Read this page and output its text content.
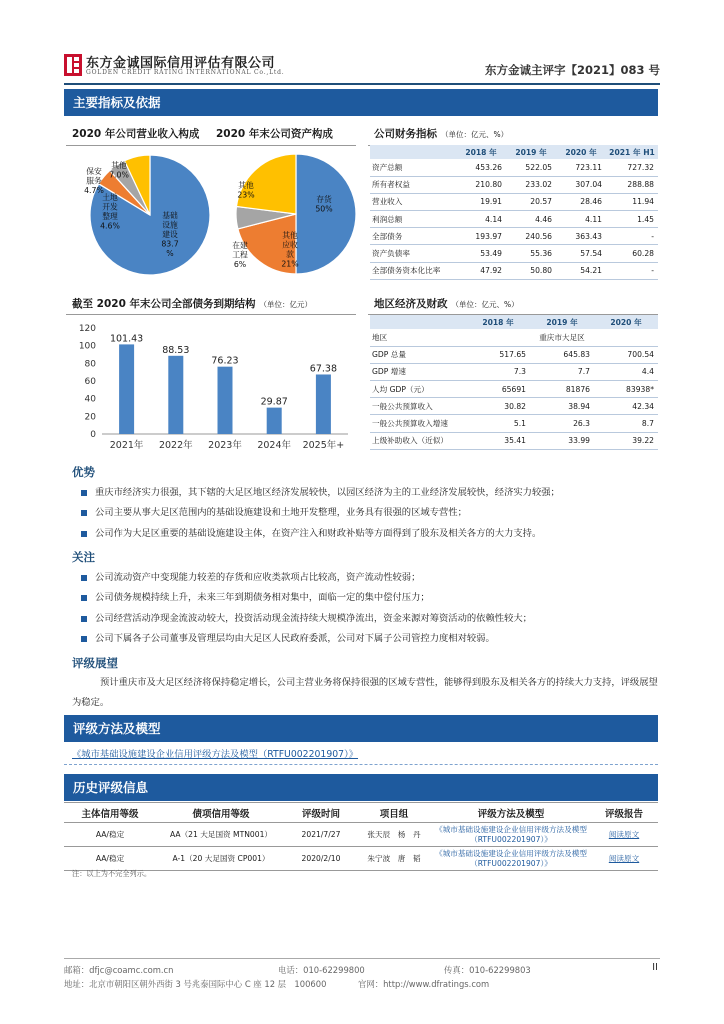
东方金诚国际信用评估有限公司
GOLDEN CREDIT RATING INTERNATIONAL Co.,Ltd.	东方金诚主评字【2021】083 号
主要指标及依据
2020 年公司营业收入构成 2020 年末公司资产构成
基础
设施
建设
83.7
%
土地
开发
整理
4.6%
保安
服务
4.7%
其他
7.0%
存货
50%
其他
应收
款
21%
在建
工程
6%
其他
23%
公司财务指标 （单位：亿元、%）
	2018 年	2019 年	2020 年	2021 年 H1
资产总额	453.26	522.05	723.11	727.32
所有者权益	210.80	233.02	307.04	288.88
营业收入	19.91	20.57	28.46	11.94
利润总额	4.14	4.46	4.11	1.45
全部债务	193.97	240.56	363.43	-
资产负债率	53.49	55.36	57.54	60.28
全部债务资本化比率	47.92	50.80	54.21	-
截至 2020 年末公司全部债务到期结构 （单位：亿元）
0
20
40
60
80
100
120
101.43
2021年
88.53
2022年
76.23
2023年
29.87
2024年
67.38
2025年+
地区经济及财政 （单位：亿元、%）
	2018 年	2019 年	2020 年
地区	重庆市大足区		
GDP 总量	517.65	645.83	700.54
GDP 增速	7.3	7.7	4.4
人均 GDP（元）	65691	81876	83938*
一般公共预算收入	30.82	38.94	42.34
一般公共预算收入增速	5.1	26.3	8.7
上级补助收入（近似）	35.41	33.99	39.22
优势
重庆市经济实力很强，其下辖的大足区地区经济发展较快，以园区经济为主的工业经济发展较快，经济实力较强；
公司主要从事大足区范围内的基础设施建设和土地开发整理，业务具有很强的区域专营性；
公司作为大足区重要的基础设施建设主体，在资产注入和财政补贴等方面得到了股东及相关各方的大力支持。
关注
公司流动资产中变现能力较差的存货和应收类款项占比较高，资产流动性较弱；
公司债务规模持续上升，未来三年到期债务相对集中，面临一定的集中偿付压力；
公司经营活动净现金流波动较大，投资活动现金流持续大规模净流出，资金来源对筹资活动的依赖性较大；
公司下属各子公司董事及管理层均由大足区人民政府委派，公司对下属子公司管控力度相对较弱。
评级展望
预计重庆市及大足区经济将保持稳定增长，公司主营业务将保持很强的区域专营性，能够得到股东及相关各方的持续大力支持，评级展望为稳定。
评级方法及模型
《城市基础设施建设企业信用评级方法及模型（RTFU002201907）》
历史评级信息
主体信用等级	债项信用等级	评级时间	项目组	评级方法及模型	评级报告
AA/稳定	AA（21 大足国资 MTN001）	2021/7/27	张天辰　杨　丹	《城市基础设施建设企业信用评级方法及模型
（RTFU002201907）》	阅读原文
AA/稳定	A-1（20 大足国资 CP001）	2020/2/10	朱宁波　唐　韬	《城市基础设施建设企业信用评级方法及模型
（RTFU002201907）》	阅读原文
注：以上为不完全列示。
邮箱：dfjc@coamc.com.cn	电话：010-62299800	传真：010-62299803
地址：北京市朝阳区朝外西街 3 号兆泰国际中心 C 座 12 层　100600	官网：http://www.dfratings.com
II
